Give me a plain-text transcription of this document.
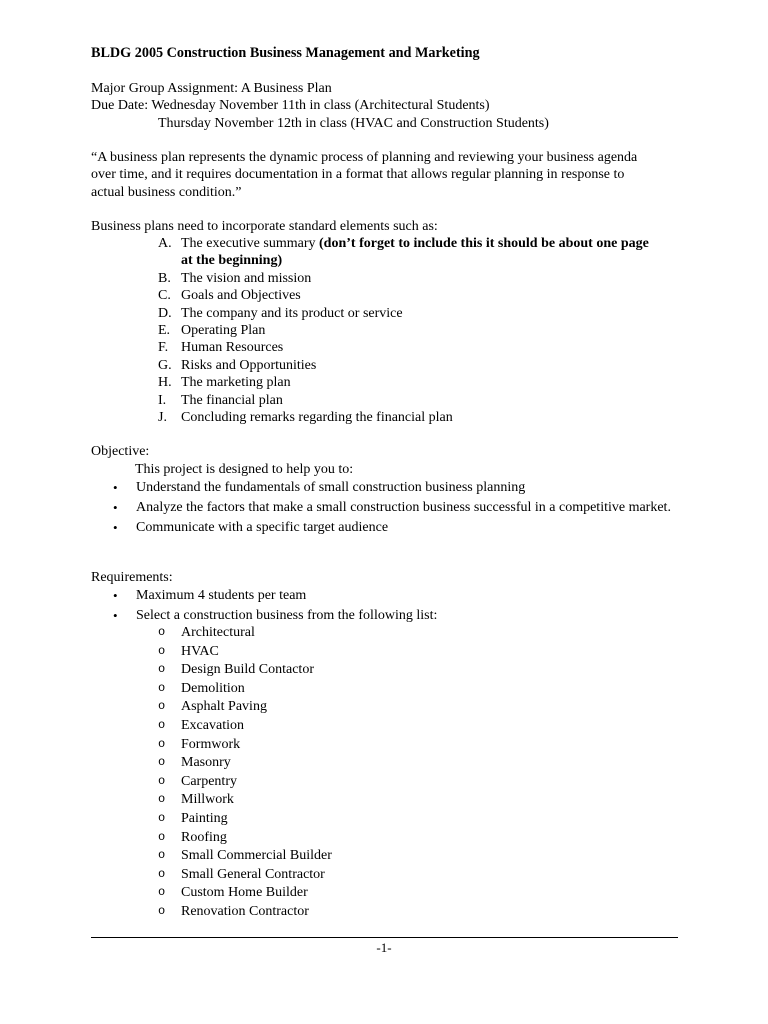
BLDG 2005 Construction Business Management and Marketing
Major Group Assignment: A Business Plan
Due Date: Wednesday November 11th in class (Architectural Students)
Thursday November 12th in class (HVAC and Construction Students)
“A business plan represents the dynamic process of planning and reviewing your business agenda over time, and it requires documentation in a format that allows regular planning in response to actual business condition.”
Business plans need to incorporate standard elements such as:
A. The executive summary (don’t forget to include this it should be about one page at the beginning)
B. The vision and mission
C. Goals and Objectives
D. The company and its product or service
E. Operating Plan
F. Human Resources
G. Risks and Opportunities
H. The marketing plan
I. The financial plan
J. Concluding remarks regarding the financial plan
Objective:
This project is designed to help you to:
• Understand the fundamentals of small construction business planning
• Analyze the factors that make a small construction business successful in a competitive market.
• Communicate with a specific target audience
Requirements:
• Maximum 4 students per team
• Select a construction business from the following list:
o Architectural
o HVAC
o Design Build Contactor
o Demolition
o Asphalt Paving
o Excavation
o Formwork
o Masonry
o Carpentry
o Millwork
o Painting
o Roofing
o Small Commercial Builder
o Small General Contractor
o Custom Home Builder
o Renovation Contractor
-1-
